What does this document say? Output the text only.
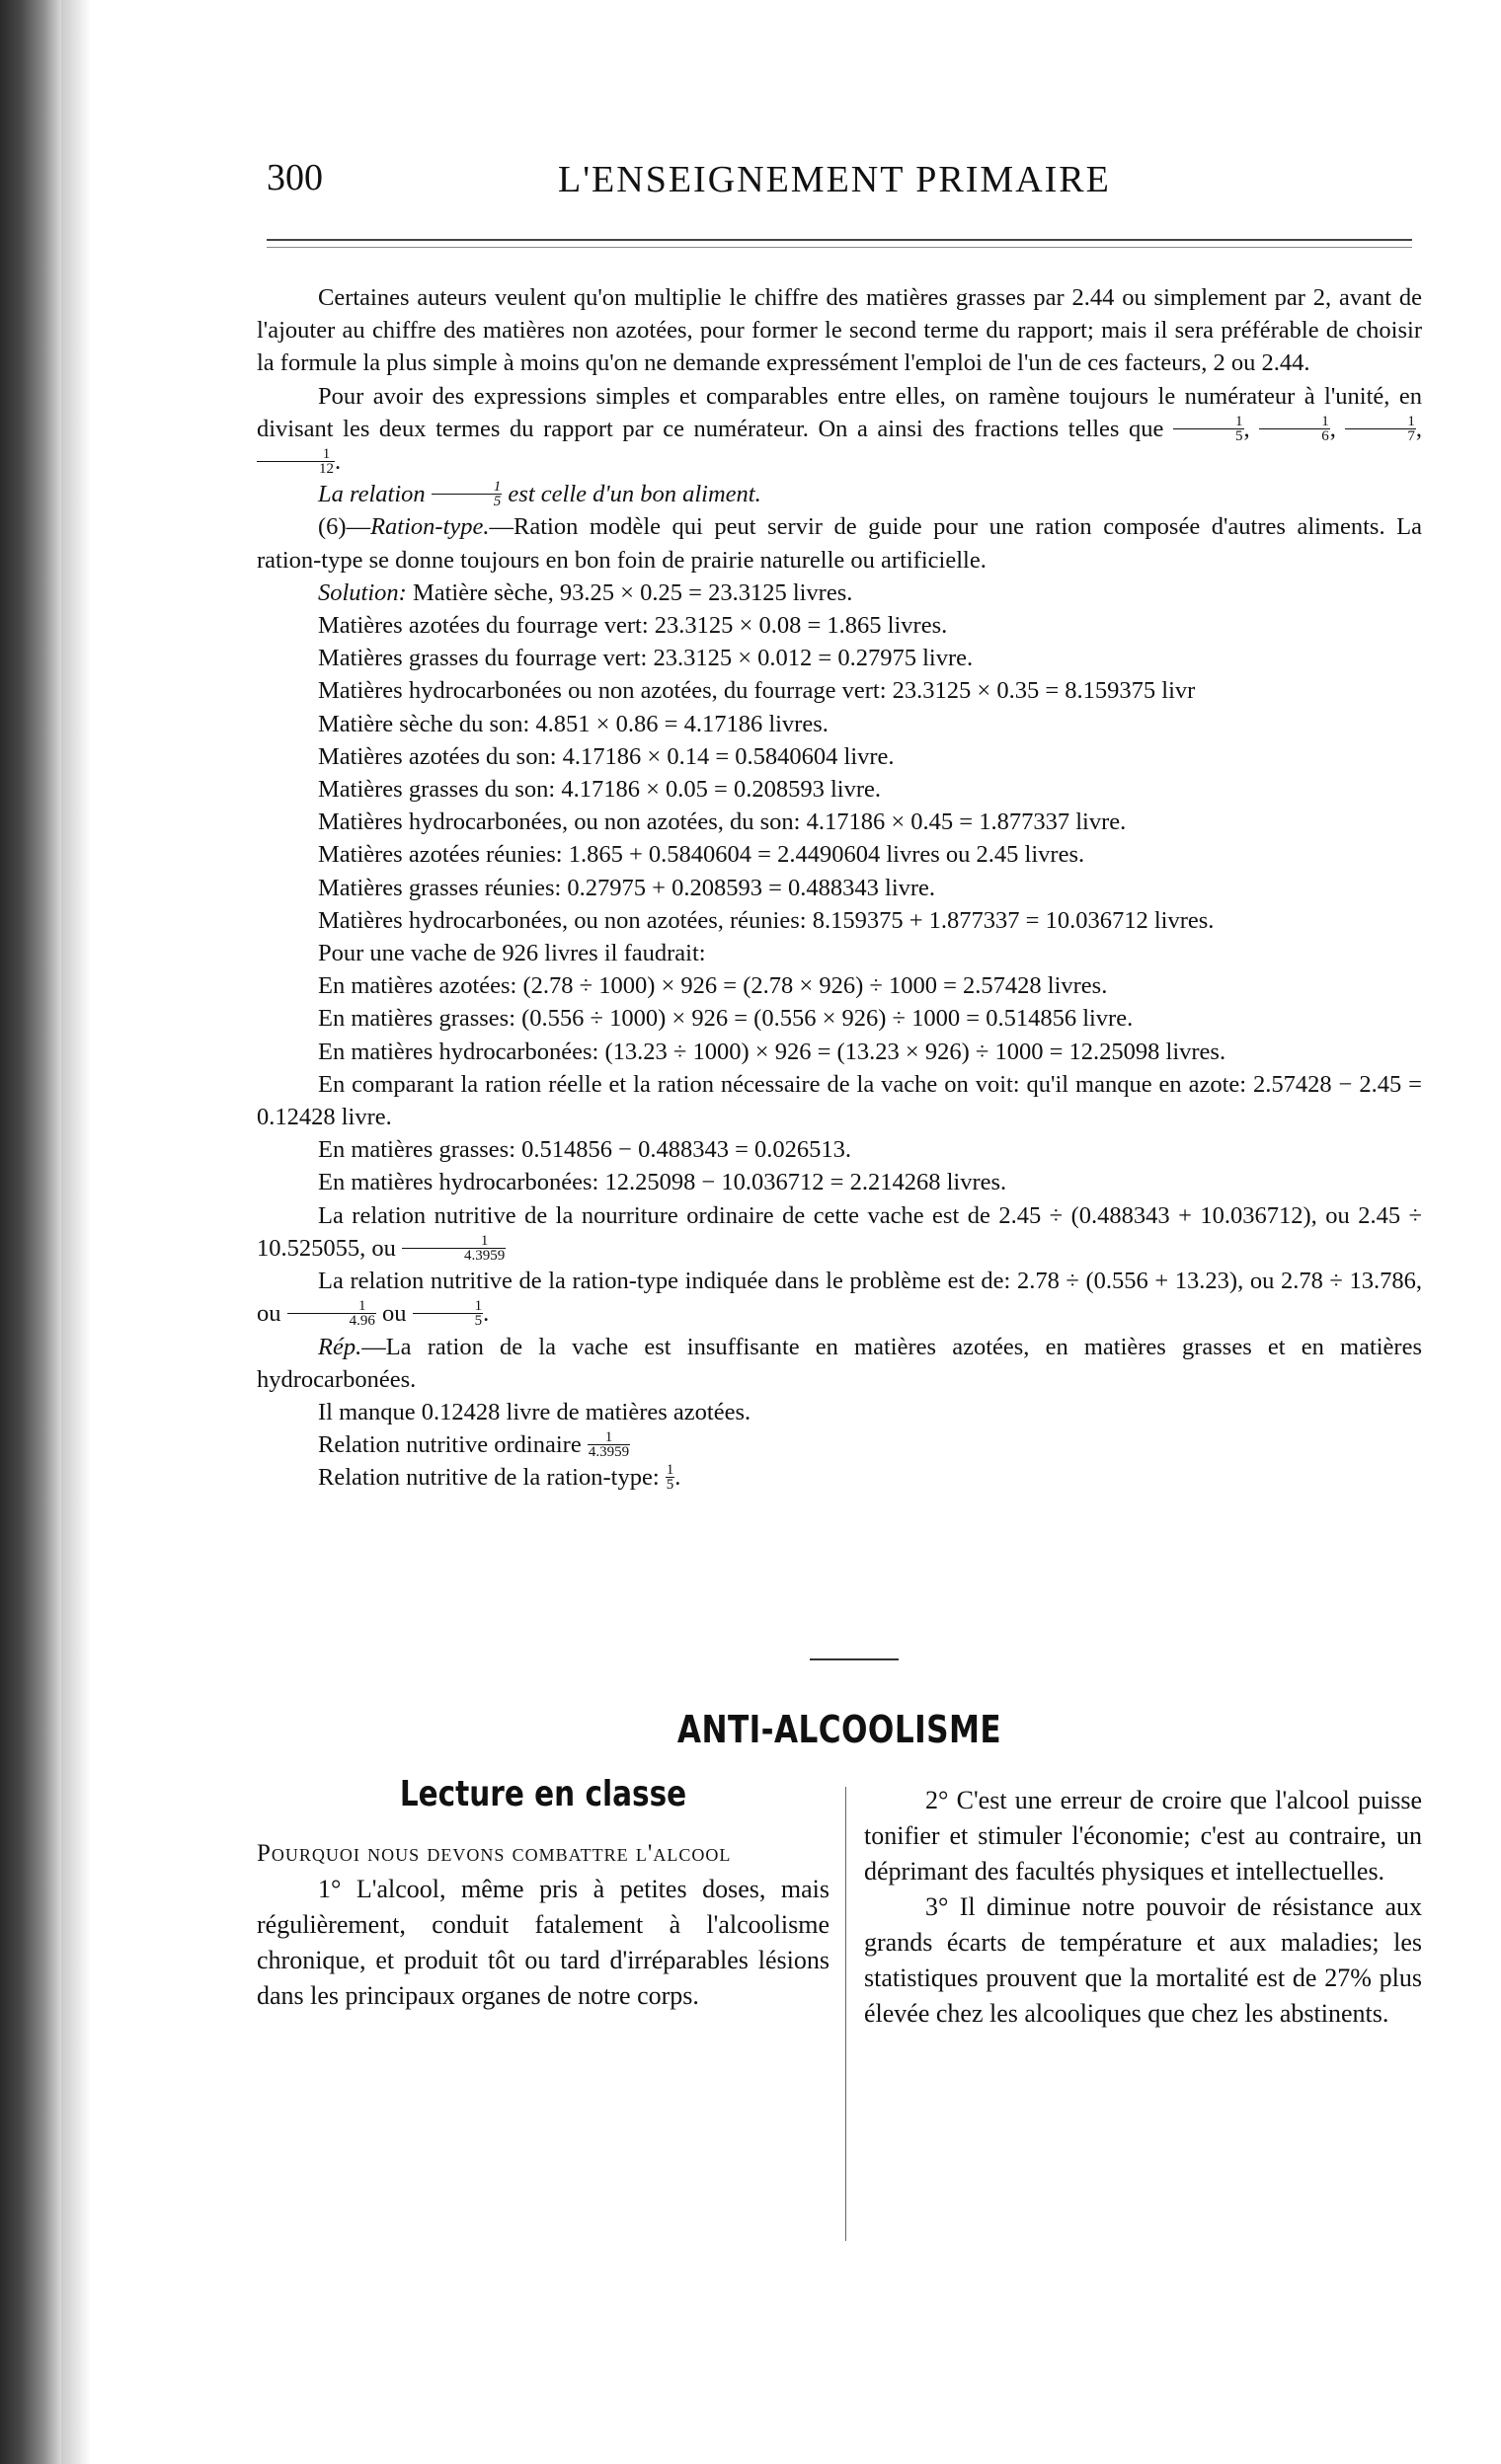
300	L'ENSEIGNEMENT PRIMAIRE

Certaines auteurs veulent qu'on multiplie le chiffre des matières grasses par 2.44 ou simplement par 2, avant de l'ajouter au chiffre des matières non azotées, pour former le second terme du rapport; mais il sera préférable de choisir la formule la plus simple à moins qu'on ne demande expressément l'emploi de l'un de ces facteurs, 2 ou 2.44.

Pour avoir des expressions simples et comparables entre elles, on ramène toujours le numérateur à l'unité, en divisant les deux termes du rapport par ce numérateur. On a ainsi des fractions telles que $\frac{1}{5}$ , $\frac{1}{6}$ , $\frac{1}{7}$ ,
$\frac{1}{12}$ .

La relation $\frac{1}{5}$ est celle d'un bon aliment.

(6)—Ration-type.—Ration modèle qui peut servir de guide pour une ration composée d'autres aliments. La ration-type se donne toujours en bon foin de prairie naturelle ou artificielle.

Solution: Matière sèche, 93.25 × 0.25 = 23.3125 livres.

Matières azotées du fourrage vert: 23.3125 × 0.08 = 1.865 livres.

Matières grasses du fourrage vert: 23.3125 × 0.012 = 0.27975 livre.

Matières hydrocarbonées ou non azotées, du fourrage vert: 23.3125 × 0.35 = 8.159375 livr

Matière sèche du son: 4.851 × 0.86 = 4.17186 livres.

Matières azotées du son: 4.17186 × 0.14 = 0.5840604 livre.

Matières grasses du son: 4.17186 × 0.05 = 0.208593 livre.

Matières hydrocarbonées, ou non azotées, du son: 4.17186 × 0.45 = 1.877337 livre.

Matières azotées réunies: 1.865 + 0.5840604 = 2.4490604 livres ou 2.45 livres.

Matières grasses réunies: 0.27975 + 0.208593 = 0.488343 livre.

Matières hydrocarbonées, ou non azotées, réunies: 8.159375 + 1.877337 = 10.036712 livres.

Pour une vache de 926 livres il faudrait:

En matières azotées: (2.78 ÷ 1000) × 926 = (2.78 × 926) ÷ 1000 = 2.57428 livres.

En matières grasses: (0.556 ÷ 1000) × 926 = (0.556 × 926) ÷ 1000 = 0.514856 livre.

En matières hydrocarbonées: (13.23 ÷ 1000) × 926 = (13.23 × 926) ÷ 1000 = 12.25098 livres.

En comparant la ration réelle et la ration nécessaire de la vache on voit: qu'il manque en azote: 2.57428 − 2.45 = 0.12428 livre.

En matières grasses: 0.514856 − 0.488343 = 0.026513.

En matières hydrocarbonées: 12.25098 − 10.036712 = 2.214268 livres.

La relation nutritive de la nourriture ordinaire de cette vache est de 2.45 ÷ (0.488343 + 10.036712), ou 2.45 ÷ 10.525055, ou $\frac{1}{4.3959}$

La relation nutritive de la ration-type indiquée dans le problème est de: 2.78 ÷ (0.556 + 13.23), ou 2.78 ÷ 13.786, ou $\frac{1}{4.96}$ ou $\frac{1}{5}$ .

Rép.—La ration de la vache est insuffisante en matières azotées, en matières grasses et en matières hydrocarbonées.

Il manque 0.12428 livre de matières azotées.

Relation nutritive ordinaire $\frac{1}{4.3959}$

Relation nutritive de la ration-type: $\frac{1}{5}$ .

ANTI-ALCOOLISME
Lecture en classe

Pourquoi nous devons combattre l'alcool

1° L'alcool, même pris à petites doses, mais régulièrement, conduit fatalement à l'alcoolisme chronique, et produit tôt ou tard d'irréparables lésions dans les principaux organes de notre corps.

2° C'est une erreur de croire que l'alcool puisse tonifier et stimuler l'économie; c'est au contraire, un déprimant des facultés physiques et intellectuelles.

3° Il diminue notre pouvoir de résistance aux grands écarts de température et aux maladies; les statistiques prouvent que la mortalité est de 27% plus élevée chez les alcooliques que chez les abstinents.
